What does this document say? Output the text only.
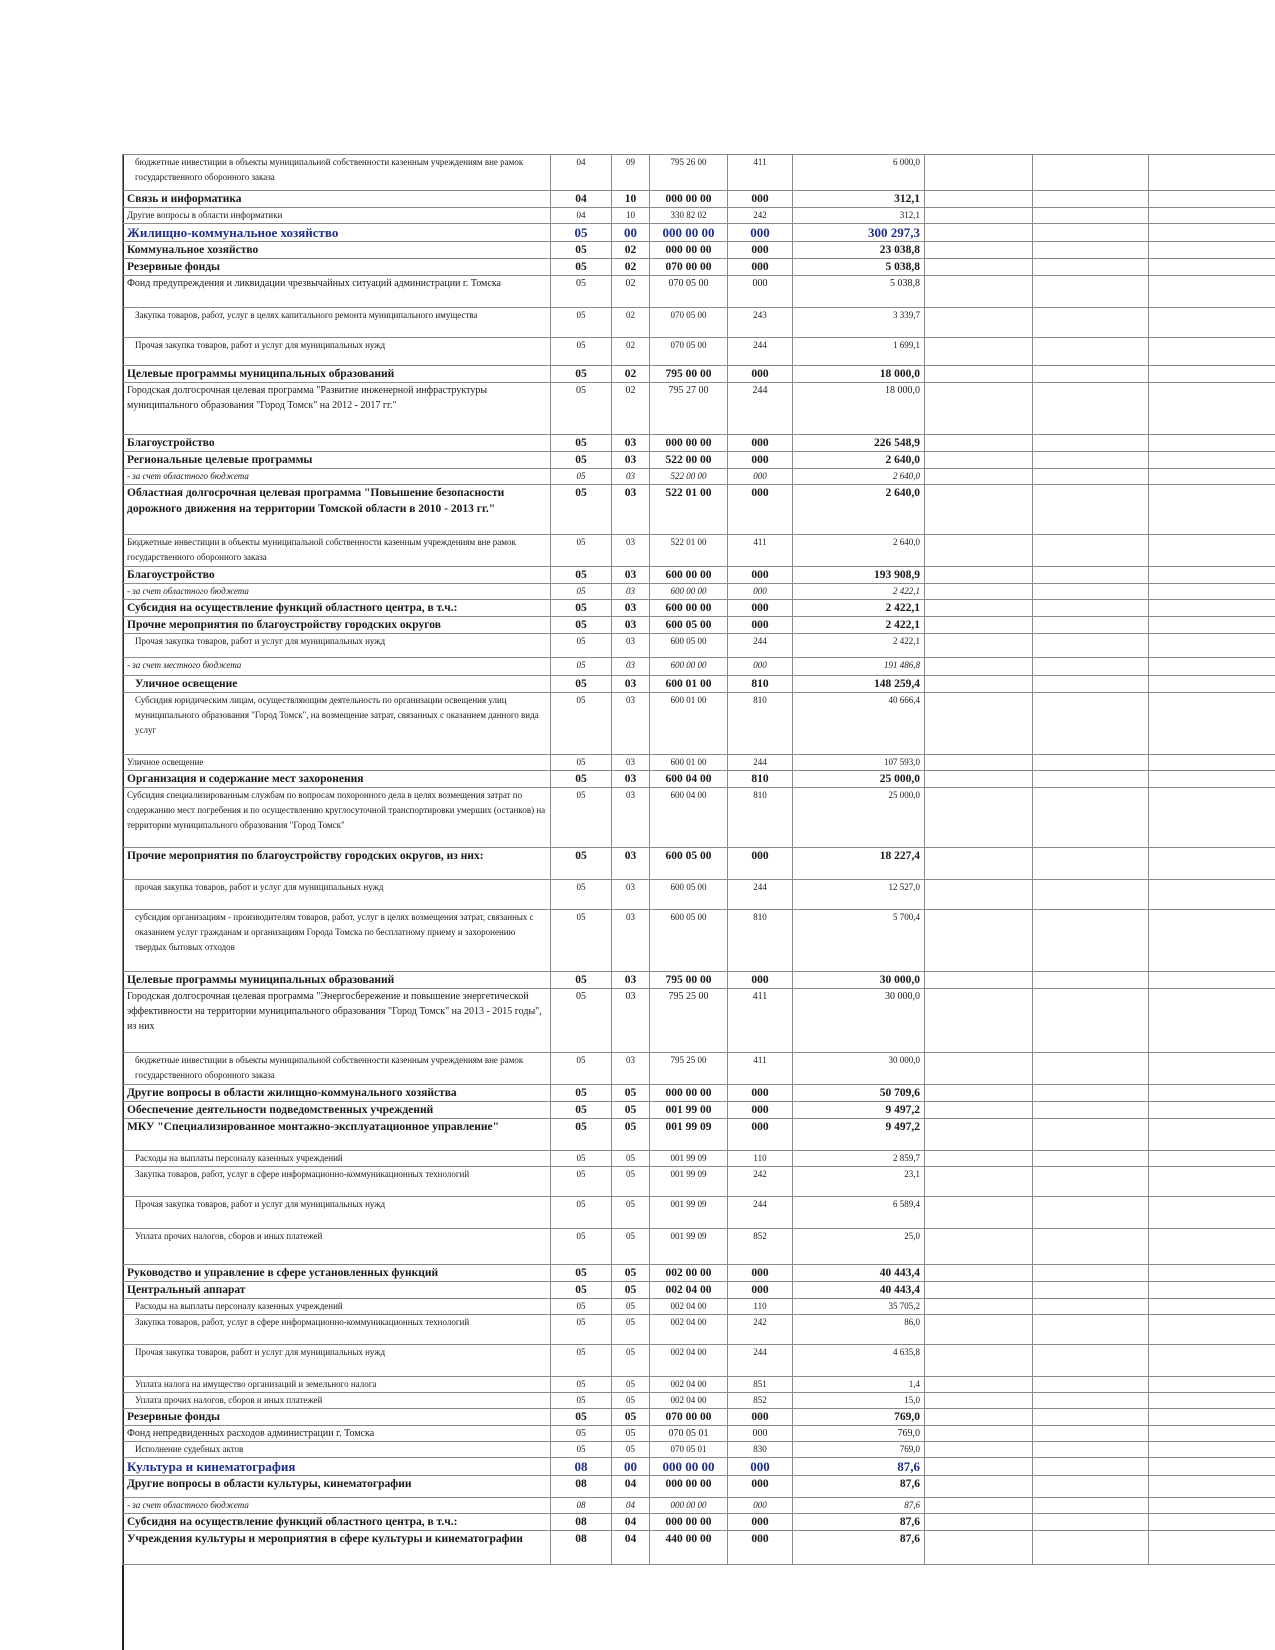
бюджетные инвестиции в объекты муниципальной собственности казенным учреждениям вне рамок государственного оборонного заказа	04	09	795 26 00	411	6 000,0			
Связь и информатика	04	10	000 00 00	000	312,1			
Другие вопросы в области информатики	04	10	330 82 02	242	312,1			
Жилищно-коммунальное хозяйство	05	00	000 00 00	000	300 297,3			
Коммунальное хозяйство	05	02	000 00 00	000	23 038,8			
Резервные фонды	05	02	070 00 00	000	5 038,8			
Фонд предупреждения и ликвидации чрезвычайных ситуаций администрации г. Томска	05	02	070 05 00	000	5 038,8			
Закупка товаров, работ, услуг в целях капитального ремонта муниципального имущества	05	02	070 05 00	243	3 339,7			
Прочая закупка товаров, работ и услуг для муниципальных нужд	05	02	070 05 00	244	1 699,1			
Целевые программы муниципальных образований	05	02	795 00 00	000	18 000,0			
Городская долгосрочная целевая программа "Развитие инженерной инфраструктуры муниципального образования "Город Томск" на 2012 - 2017 гг."	05	02	795 27 00	244	18 000,0			
Благоустройство	05	03	000 00 00	000	226 548,9			
Региональные целевые программы	05	03	522 00 00	000	2 640,0			
- за счет областного бюджета	05	03	522 00 00	000	2 640,0			
Областная долгосрочная целевая программа "Повышение безопасности дорожного движения на территории Томской области в 2010 - 2013 гг."	05	03	522 01 00	000	2 640,0			
Бюджетные инвестиции в объекты муниципальной собственности казенным учреждениям вне рамок государственного оборонного заказа	05	03	522 01 00	411	2 640,0			
Благоустройство	05	03	600 00 00	000	193 908,9			
- за счет областного бюджета	05	03	600 00 00	000	2 422,1			
Субсидия на осуществление функций областного центра, в т.ч.:	05	03	600 00 00	000	2 422,1			
Прочие мероприятия по благоустройству городских округов	05	03	600 05 00	000	2 422,1			
Прочая закупка товаров, работ и услуг для муниципальных нужд	05	03	600 05 00	244	2 422,1			
- за счет местного бюджета	05	03	600 00 00	000	191 486,8			
Уличное освещение	05	03	600 01 00	810	148 259,4			
Субсидия юридическим лицам, осуществляющим деятельность по организации освещения улиц муниципального образования "Город Томск", на возмещение затрат, связанных с оказанием данного вида услуг	05	03	600 01 00	810	40 666,4			
Уличное освещение	05	03	600 01 00	244	107 593,0			
Организация и содержание мест захоронения	05	03	600 04 00	810	25 000,0			
Субсидия специализированным службам по вопросам похоронного дела в целях возмещения затрат по содержанию мест погребения и по осуществлению круглосуточной транспортировки умерших (останков) на территории муниципального образования "Город Томск"	05	03	600 04 00	810	25 000,0			
Прочие мероприятия по благоустройству городских округов, из них:	05	03	600 05 00	000	18 227,4			
прочая закупка товаров, работ и услуг для муниципальных нужд	05	03	600 05 00	244	12 527,0			
субсидия организациям - производителям товаров, работ, услуг в целях возмещения затрат, связанных с оказанием услуг гражданам и организациям Города Томска по бесплатному приему и захоронению твердых бытовых отходов	05	03	600 05 00	810	5 700,4			
Целевые программы муниципальных образований	05	03	795 00 00	000	30 000,0			
Городская долгосрочная целевая программа "Энергосбережение и повышение энергетической эффективности на территории муниципального образования "Город Томск" на 2013 - 2015 годы", из них	05	03	795 25 00	411	30 000,0			
бюджетные инвестиции в объекты муниципальной собственности казенным учреждениям вне рамок государственного оборонного заказа	05	03	795 25 00	411	30 000,0			
Другие вопросы в области жилищно-коммунального хозяйства	05	05	000 00 00	000	50 709,6			
Обеспечение деятельности подведомственных учреждений	05	05	001 99 00	000	9 497,2			
МКУ "Специализированное монтажно-эксплуатационное управление"	05	05	001 99 09	000	9 497,2			
Расходы на выплаты персоналу казенных учреждений	05	05	001 99 09	110	2 859,7			
Закупка товаров, работ, услуг в сфере информационно-коммуникационных технологий	05	05	001 99 09	242	23,1			
Прочая закупка товаров, работ и услуг для муниципальных нужд	05	05	001 99 09	244	6 589,4			
Уплата прочих налогов, сборов и иных платежей	05	05	001 99 09	852	25,0			
Руководство и управление в сфере установленных функций	05	05	002 00 00	000	40 443,4			
Центральный аппарат	05	05	002 04 00	000	40 443,4			
Расходы на выплаты персоналу казенных учреждений	05	05	002 04 00	110	35 705,2			
Закупка товаров, работ, услуг в сфере информационно-коммуникационных технологий	05	05	002 04 00	242	86,0			
Прочая закупка товаров, работ и услуг для муниципальных нужд	05	05	002 04 00	244	4 635,8			
Уплата налога на имущество организаций и земельного налога	05	05	002 04 00	851	1,4			
Уплата прочих налогов, сборов и иных платежей	05	05	002 04 00	852	15,0			
Резервные фонды	05	05	070 00 00	000	769,0			
Фонд непредвиденных расходов администрации г. Томска	05	05	070 05 01	000	769,0			
Исполнение судебных актов	05	05	070 05 01	830	769,0			
Культура и кинематография	08	00	000 00 00	000	87,6			
Другие вопросы в области культуры, кинематографии	08	04	000 00 00	000	87,6			
- за счет областного бюджета	08	04	000 00 00	000	87,6			
Субсидия на осуществление функций областного центра, в т.ч.:	08	04	000 00 00	000	87,6			
Учреждения культуры и мероприятия в сфере культуры и кинематографии	08	04	440 00 00	000	87,6			
